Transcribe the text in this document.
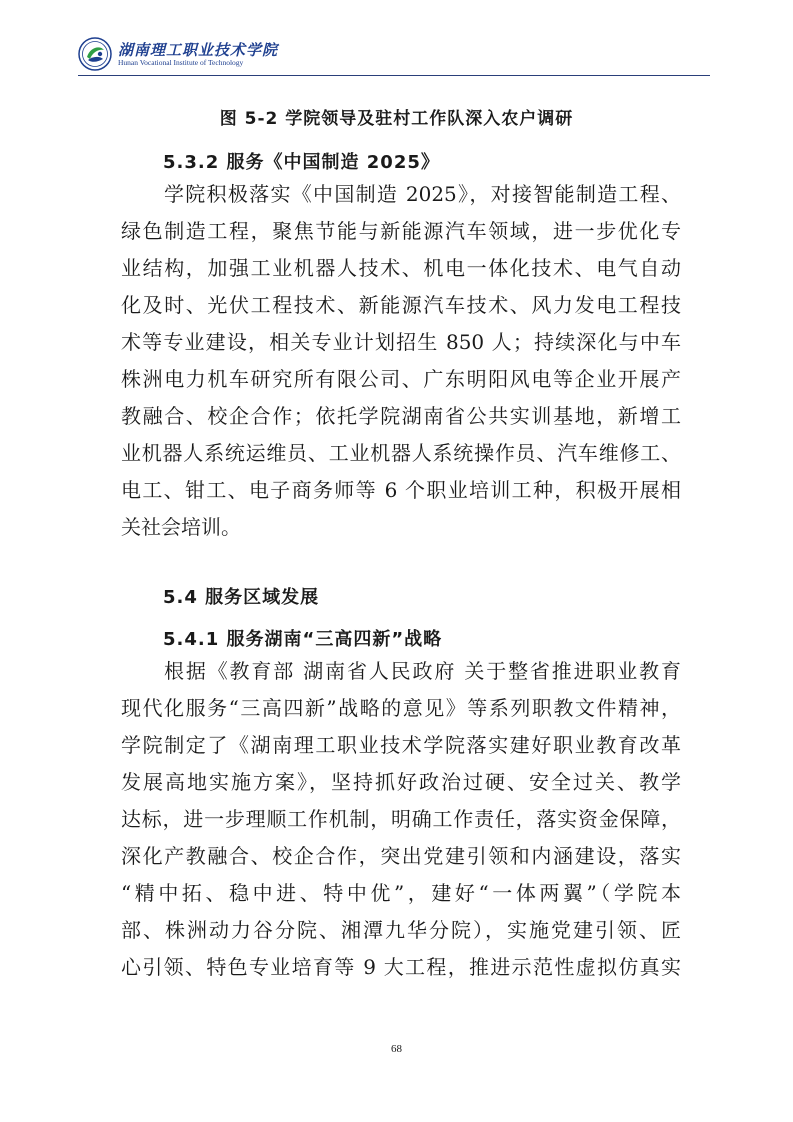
湖南理工职业技术学院
Hunan Vocational Institute of Technology
图 5-2 学院领导及驻村工作队深入农户调研
5.3.2 服务《中国制造 2025》
学院积极落实《中国制造 2025》，对接智能制造工程、
绿色制造工程，聚焦节能与新能源汽车领域，进一步优化专
业结构，加强工业机器人技术、机电一体化技术、电气自动
化及时、光伏工程技术、新能源汽车技术、风力发电工程技
术等专业建设，相关专业计划招生 850 人；持续深化与中车
株洲电力机车研究所有限公司、广东明阳风电等企业开展产
教融合、校企合作；依托学院湖南省公共实训基地，新增工
业机器人系统运维员、工业机器人系统操作员、汽车维修工、
电工、钳工、电子商务师等 6 个职业培训工种，积极开展相
关社会培训。
5.4 服务区域发展
5.4.1 服务湖南“三高四新”战略
根据《教育部 湖南省人民政府 关于整省推进职业教育
现代化服务“三高四新”战略的意见》等系列职教文件精神，
学院制定了《湖南理工职业技术学院落实建好职业教育改革
发展高地实施方案》，坚持抓好政治过硬、安全过关、教学
达标，进一步理顺工作机制，明确工作责任，落实资金保障，
深化产教融合、校企合作，突出党建引领和内涵建设，落实
“精中拓、稳中进、特中优”，建好“一体两翼”（学院本
部、株洲动力谷分院、湘潭九华分院），实施党建引领、匠
心引领、特色专业培育等 9 大工程，推进示范性虚拟仿真实
68
